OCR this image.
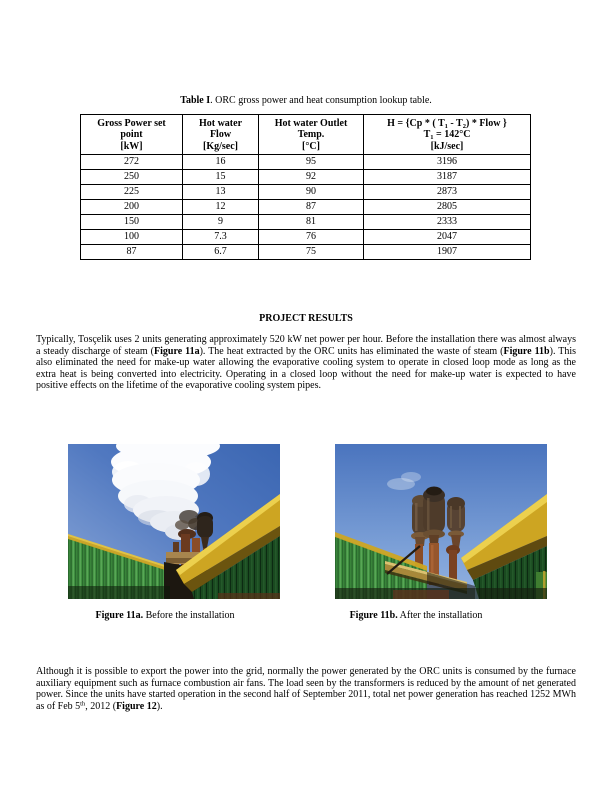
Table I. ORC gross power and heat consumption lookup table.
Gross Power set
point
[kW]	Hot water
Flow
[Kg/sec]	Hot water Outlet
Temp.
[°C]	H = {Cp * ( $T_1 - T_2$) * Flow }
$T_1 = 142^\circ C$
[kJ/sec]
272	16	95	3196
250	15	92	3187
225	13	90	2873
200	12	87	2805
150	9	81	2333
100	7.3	76	2047
87	6.7	75	1907
PROJECT RESULTS
Typically, Tosçelik uses 2 units generating approximately 520 kW net power per hour. Before the installation there was almost always a steady discharge of steam (Figure 11a). The heat extracted by the ORC units has eliminated the waste of steam (Figure 11b). This also eliminated the need for make-up water allowing the evaporative cooling system to operate in closed loop mode as long as the extra heat is being converted into electricity. Operating in a closed loop without the need for make-up water is expected to have positive effects on the lifetime of the evaporative cooling system pipes.
Figure 11a. Before the installation	Figure 11b. After the installation
Although it is possible to export the power into the grid, normally the power generated by the ORC units is consumed by the furnace auxiliary equipment such as furnace combustion air fans. The load seen by the transformers is reduced by the amount of net generated power. Since the units have started operation in the second half of September 2011, total net power generation has reached 1252 MWh as of Feb 5th, 2012 (Figure 12).
